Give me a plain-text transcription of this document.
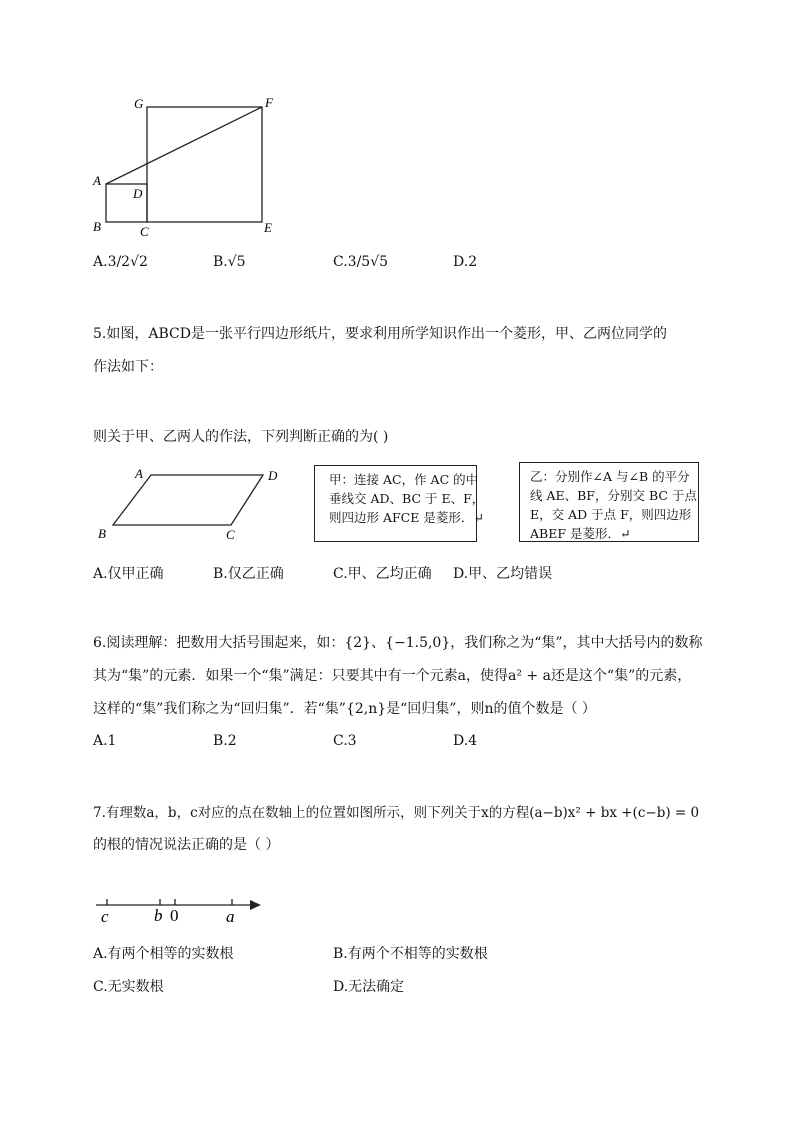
G	F
A
D
B	C	E
A.3/2√2	B.√5	C.3/5√5	D.2
5.如图，ABCD是一张平行四边形纸片，要求利用所学知识作出一个菱形，甲、乙两位同学的
作法如下：
则关于甲、乙两人的作法，下列判断正确的为( )
A	D
B	C
甲：连接 AC，作 AC 的中
垂线交 AD、BC 于 E、F，
则四边形 AFCE 是菱形．↵
乙：分别作∠A 与∠B 的平分
线 AE、BF，分别交 BC 于点
E，交 AD 于点 F，则四边形
ABEF 是菱形．↵
A.仅甲正确	B.仅乙正确	C.甲、乙均正确 D.甲、乙均错误
6.阅读理解：把数用大括号围起来，如：{2}、{−1.5,0}，我们称之为“集”，其中大括号内的数称
其为“集”的元素．如果一个“集”满足：只要其中有一个元素a，使得a² + a还是这个“集”的元素，
这样的“集”我们称之为“回归集”．若“集”{2,n}是“回归集”，则n的值个数是（ ）
A.1	B.2	C.3	D.4
7.有理数a，b，c对应的点在数轴上的位置如图所示，则下列关于x的方程(a−b)x² + bx +(c−b) = 0
的根的情况说法正确的是（ ）
c	b 0	a
A.有两个相等的实数根	B.有两个不相等的实数根
C.无实数根	D.无法确定
